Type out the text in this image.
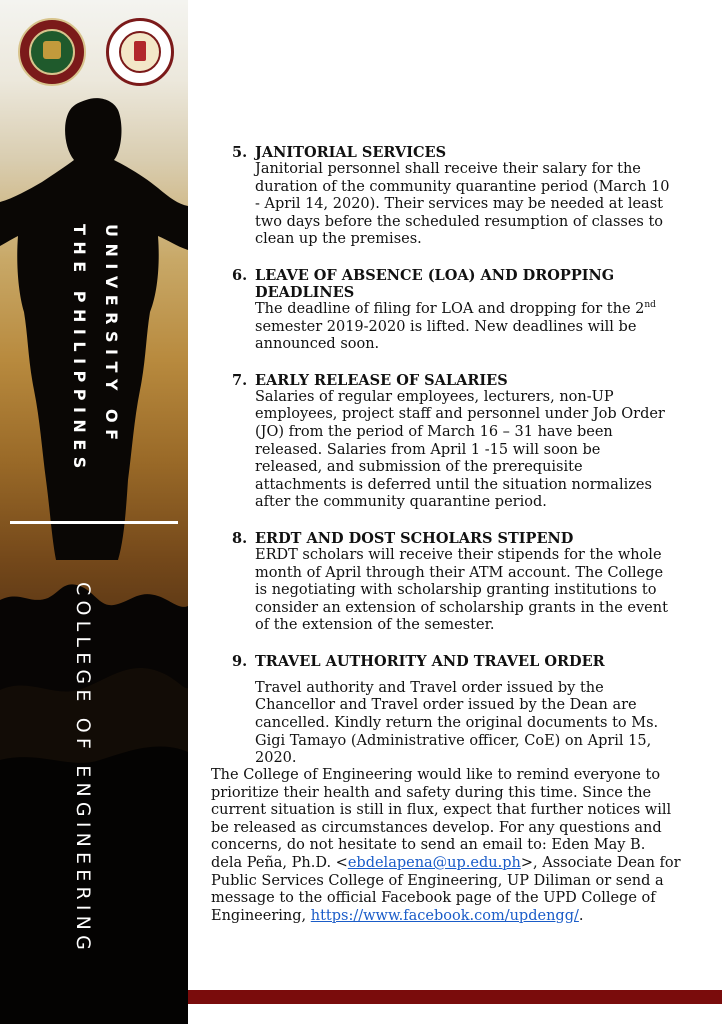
UNIVERSITY OF
THE PHILIPPINES
COLLEGE OF ENGINEERING
5. JANITORIAL SERVICES
Janitorial personnel shall receive their salary for the duration of the community quarantine period (March 10 - April 14, 2020). Their services may be needed at least two days before the scheduled resumption of classes to clean up the premises.
6. LEAVE OF ABSENCE (LOA) AND DROPPING DEADLINES
The deadline of filing for LOA and dropping for the 2nd semester 2019-2020 is lifted. New deadlines will be announced soon.
7. EARLY RELEASE OF SALARIES
Salaries of regular employees, lecturers, non-UP employees, project staff and personnel under Job Order (JO) from the period of March 16 – 31 have been released. Salaries from April 1 -15 will soon be released, and submission of the prerequisite attachments is deferred until the situation normalizes after the community quarantine period.
8. ERDT AND DOST SCHOLARS STIPEND
ERDT scholars will receive their stipends for the whole month of April through their ATM account. The College is negotiating with scholarship granting institutions to consider an extension of scholarship grants in the event of the extension of the semester.
9. TRAVEL AUTHORITY AND TRAVEL ORDER
Travel authority and Travel order issued by the Chancellor and Travel order issued by the Dean are cancelled. Kindly return the original documents to Ms. Gigi Tamayo (Administrative officer, CoE) on April 15, 2020.
The College of Engineering would like to remind everyone to prioritize their health and safety during this time. Since the current situation is still in flux, expect that further notices will be released as circumstances develop. For any questions and concerns, do not hesitate to send an email to: Eden May B. dela Peña, Ph.D. <ebdelapena@up.edu.ph>, Associate Dean for Public Services College of Engineering, UP Diliman or send a message to the official Facebook page of the UPD College of Engineering, https://www.facebook.com/updengg/.
